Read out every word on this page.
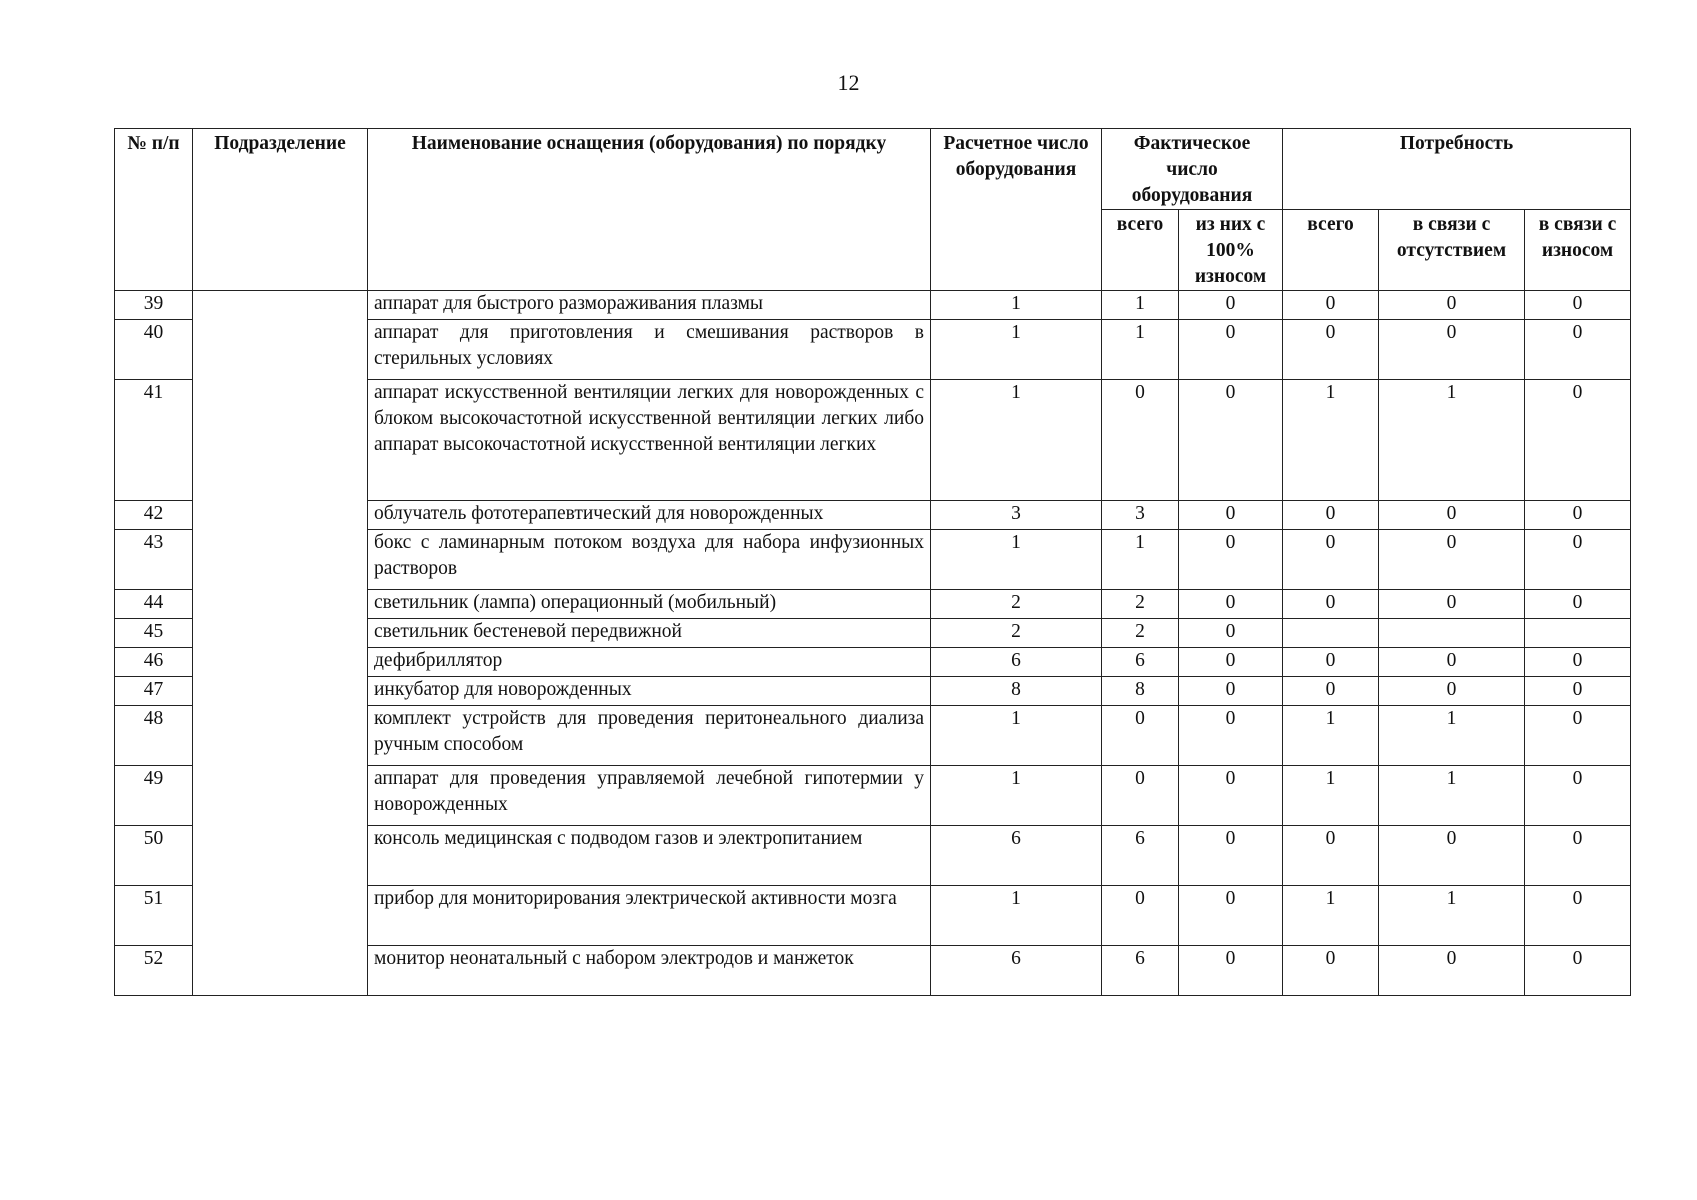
12
№ п/п	Подразделение	Наименование оснащения (оборудования) по порядку	Расчетное число оборудования	Фактическое число оборудования		Потребность		
				всего	из них с 100% износом	всего	в связи с отсутствием	в связи с износом
39		аппарат для быстрого размораживания плазмы	1	1	0	0	0	0
40		аппарат для приготовления и смешивания растворов в стерильных условиях	1	1	0	0	0	0
41		аппарат искусственной вентиляции легких для новорожденных с блоком высокочастотной искусственной вентиляции легких либо аппарат высокочастотной искусственной вентиляции легких	1	0	0	1	1	0
42		облучатель фототерапевтический для новорожденных	3	3	0	0	0	0
43		бокс с ламинарным потоком воздуха для набора инфузионных растворов	1	1	0	0	0	0
44		светильник (лампа) операционный (мобильный)	2	2	0	0	0	0
45		светильник бестеневой передвижной	2	2	0			
46		дефибриллятор	6	6	0	0	0	0
47		инкубатор для новорожденных	8	8	0	0	0	0
48		комплект устройств для проведения перитонеального диализа ручным способом	1	0	0	1	1	0
49		аппарат для проведения управляемой лечебной гипотермии у новорожденных	1	0	0	1	1	0
50		консоль медицинская с подводом газов и электропитанием	6	6	0	0	0	0
51		прибор для мониторирования электрической активности мозга	1	0	0	1	1	0
52		монитор неонатальный с набором электродов и манжеток	6	6	0	0	0	0
